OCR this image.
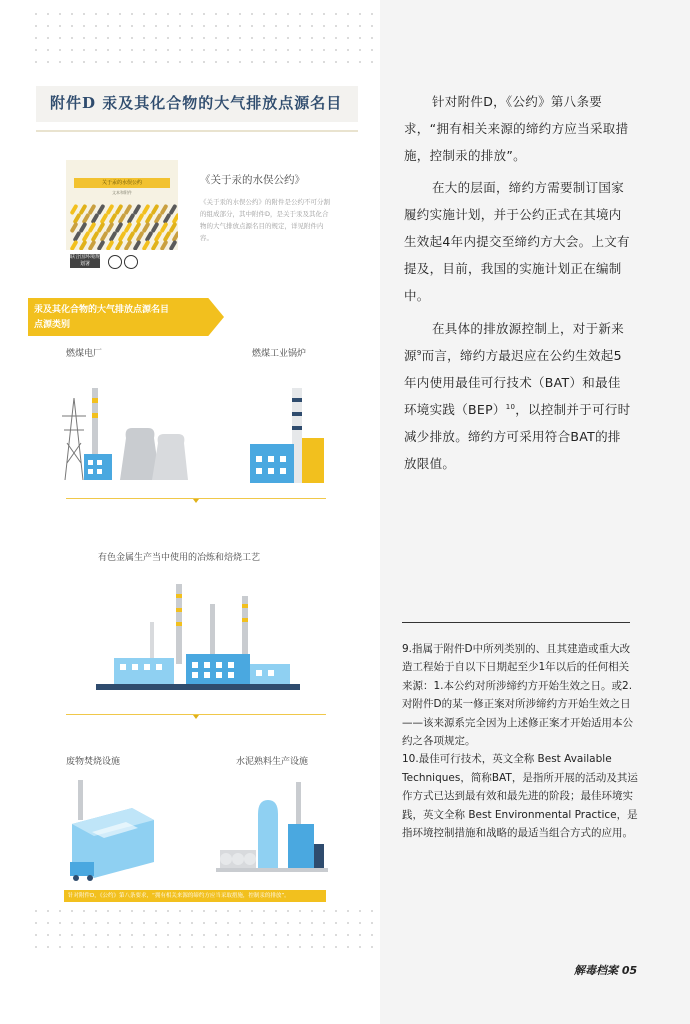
附件D 汞及其化合物的大气排放点源名目
关于汞的水俣公约
文本和附件
联合国环境规划署
《关于汞的水俣公约》
《关于汞的水俣公约》的附件是公约不可分割的组成部分，其中附件D，是关于汞及其化合物的大气排放点源名目的规定，详见附件内容。
汞及其化合物的大气排放点源名目
点源类别
燃煤电厂	燃煤工业锅炉
有色金属生产当中使用的冶炼和焙烧工艺
废物焚烧设施	水泥熟料生产设施
针对附件D，《公约》第八条要求，“拥有相关来源的缔约方应当采取措施，控制汞的排放”。
针对附件D，《公约》第八条要求，“拥有相关来源的缔约方应当采取措施，控制汞的排放”。
在大的层面，缔约方需要制订国家履约实施计划，并于公约正式在其境内生效起4年内提交至缔约方大会。上文有提及，目前，我国的实施计划正在编制中。
在具体的排放源控制上，对于新来源$^9$而言，缔约方最迟应在公约生效起5年内使用最佳可行技术（BAT）和最佳环境实践（BEP）$^{10}$，以控制并于可行时减少排放。缔约方可采用符合BAT的排放限值。

9.指属于附件D中所列类别的、且其建造或重大改造工程始于自以下日期起至少1年以后的任何相关来源：1.本公约对所涉缔约方开始生效之日。或2.对附件D的某一修正案对所涉缔约方开始生效之日——该来源系完全因为上述修正案才开始适用本公约之各项规定。

10.最佳可行技术，英文全称 Best Available Techniques，简称BAT，是指所开展的活动及其运作方式已达到最有效和最先进的阶段；最佳环境实践，英文全称 Best Environmental Practice，是指环境控制措施和战略的最适当组合方式的应用。

解毒档案 05
